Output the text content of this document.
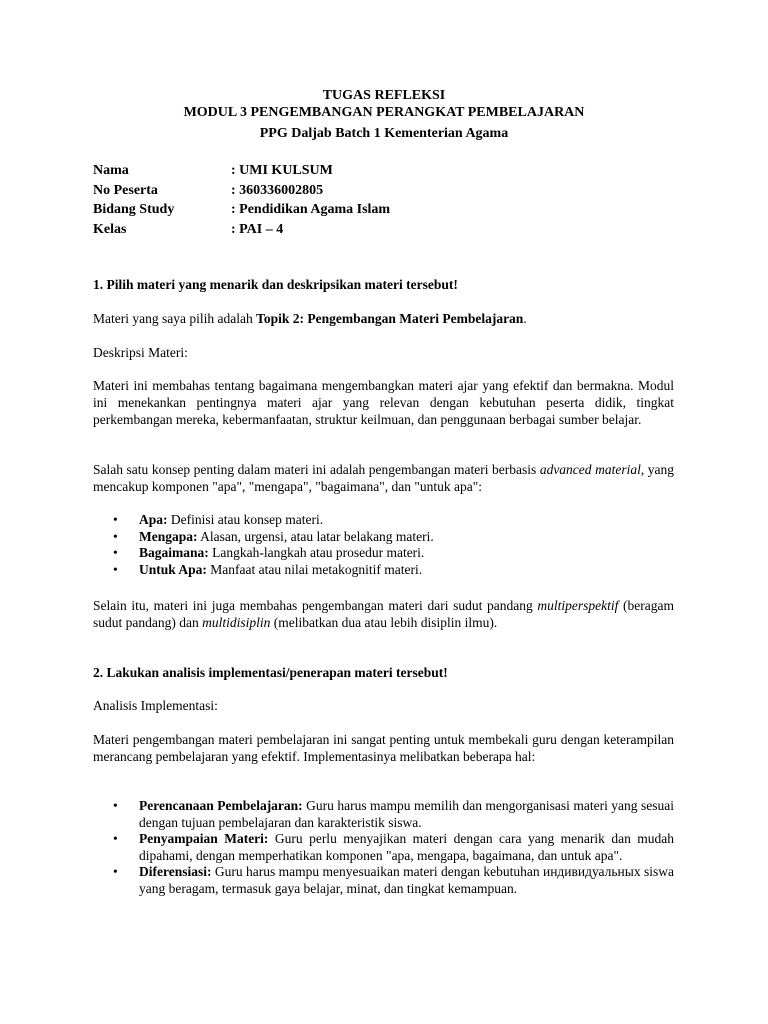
TUGAS REFLEKSI
MODUL 3 PENGEMBANGAN PERANGKAT PEMBELAJARAN
PPG Daljab Batch 1 Kementerian Agama
Nama	: UMI KULSUM
No Peserta	: 360336002805
Bidang Study	: Pendidikan Agama Islam
Kelas	: PAI – 4
1. Pilih materi yang menarik dan deskripsikan materi tersebut!
Materi yang saya pilih adalah Topik 2: Pengembangan Materi Pembelajaran.
Deskripsi Materi:
Materi ini membahas tentang bagaimana mengembangkan materi ajar yang efektif dan bermakna. Modul ini menekankan pentingnya materi ajar yang relevan dengan kebutuhan peserta didik, tingkat perkembangan mereka, kebermanfaatan, struktur keilmuan, dan penggunaan berbagai sumber belajar.
Salah satu konsep penting dalam materi ini adalah pengembangan materi berbasis advanced material, yang mencakup komponen "apa", "mengapa", "bagaimana", dan "untuk apa":
• Apa: Definisi atau konsep materi.
• Mengapa: Alasan, urgensi, atau latar belakang materi.
• Bagaimana: Langkah-langkah atau prosedur materi.
• Untuk Apa: Manfaat atau nilai metakognitif materi.
Selain itu, materi ini juga membahas pengembangan materi dari sudut pandang multiperspektif (beragam sudut pandang) dan multidisiplin (melibatkan dua atau lebih disiplin ilmu).
2. Lakukan analisis implementasi/penerapan materi tersebut!
Analisis Implementasi:
Materi pengembangan materi pembelajaran ini sangat penting untuk membekali guru dengan keterampilan merancang pembelajaran yang efektif. Implementasinya melibatkan beberapa hal:
• Perencanaan Pembelajaran: Guru harus mampu memilih dan mengorganisasi materi yang sesuai dengan tujuan pembelajaran dan karakteristik siswa.
• Penyampaian Materi: Guru perlu menyajikan materi dengan cara yang menarik dan mudah dipahami, dengan memperhatikan komponen "apa, mengapa, bagaimana, dan untuk apa".
• Diferensiasi: Guru harus mampu menyesuaikan materi dengan kebutuhan индивидуальных siswa yang beragam, termasuk gaya belajar, minat, dan tingkat kemampuan.
